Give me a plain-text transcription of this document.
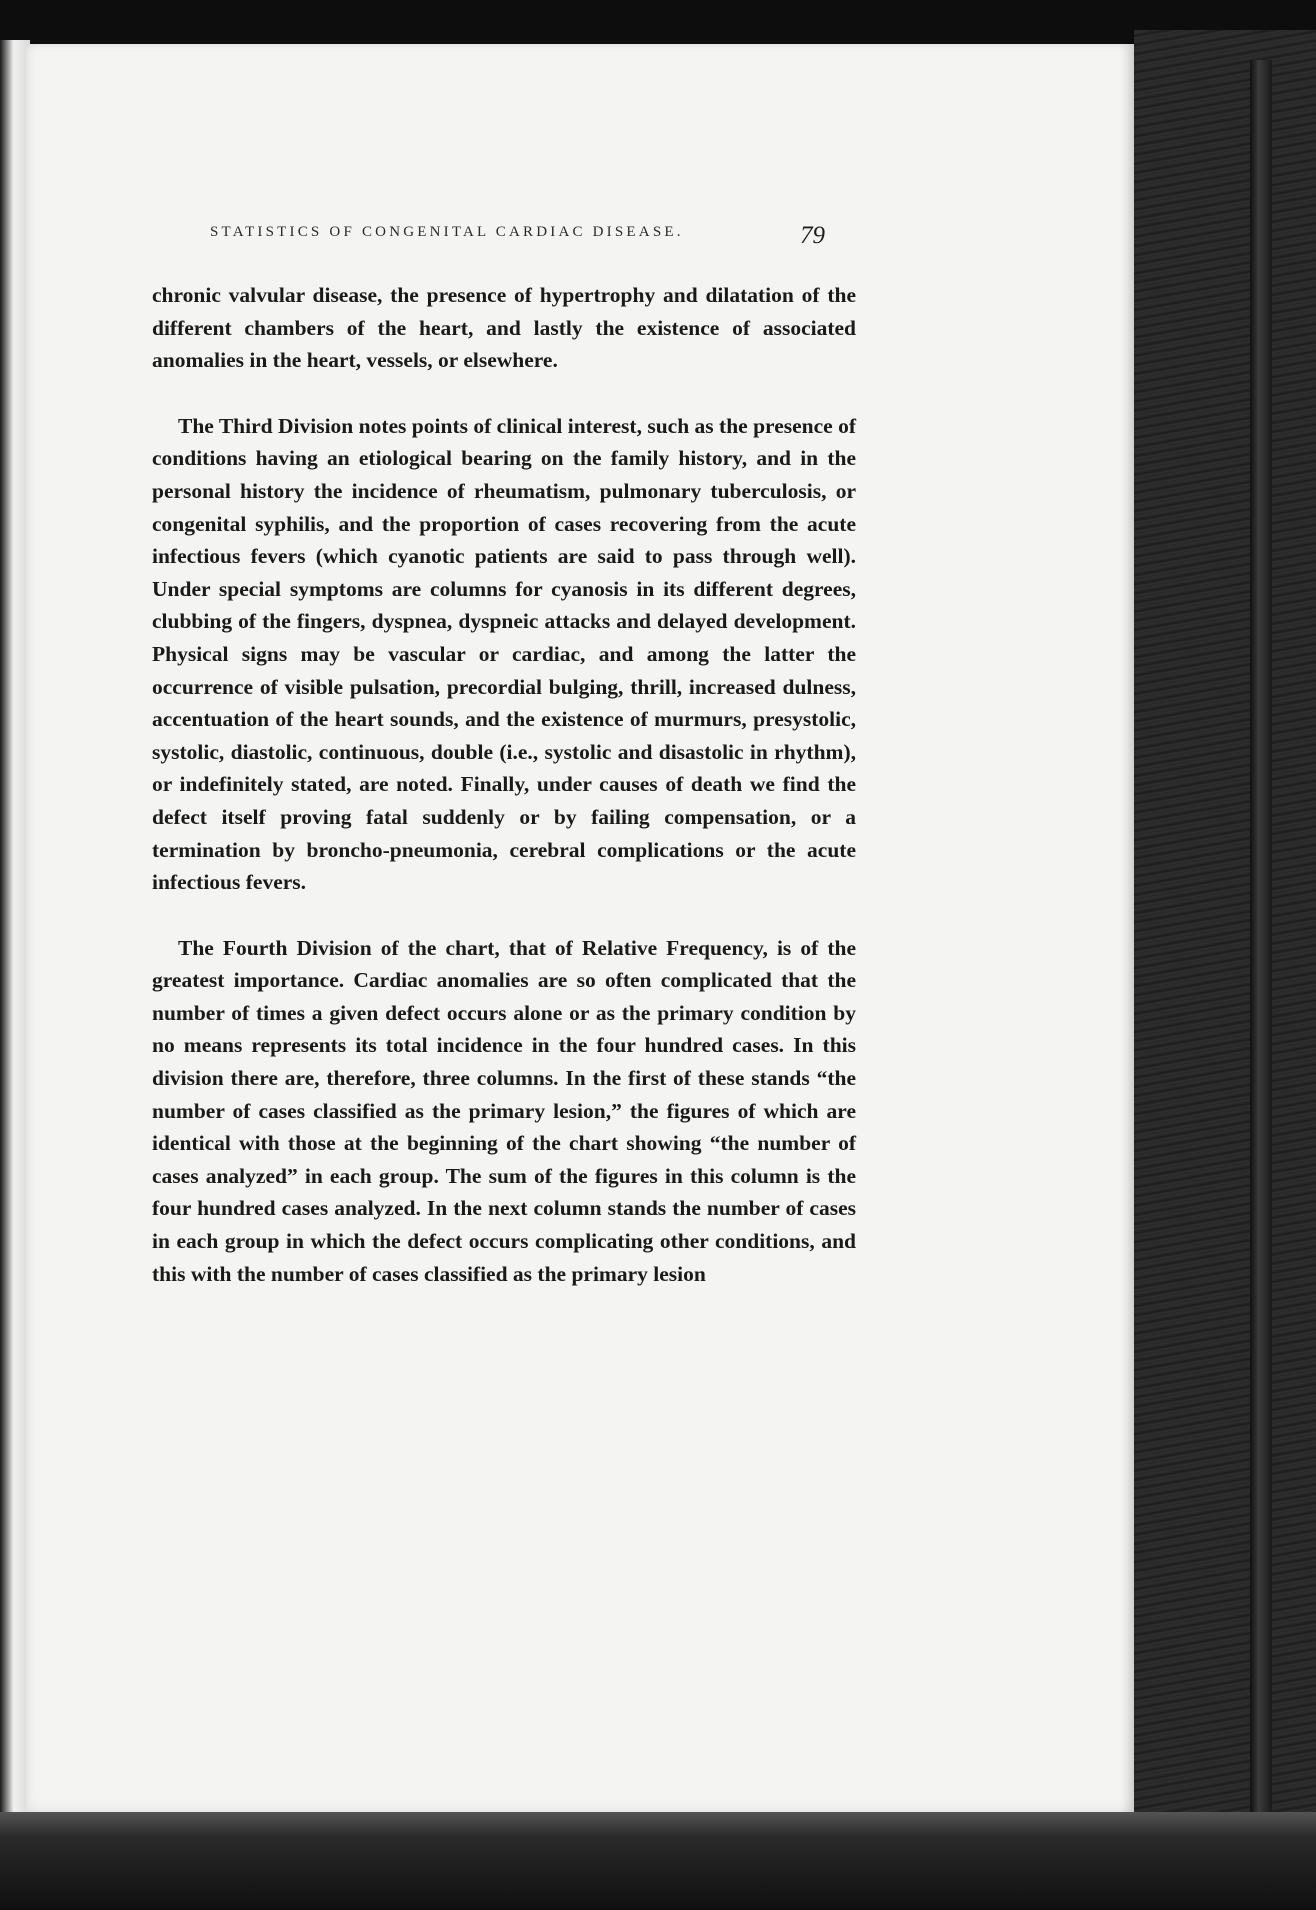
STATISTICS OF CONGENITAL CARDIAC DISEASE.	79

chronic valvular disease, the presence of hypertrophy and dilatation of the different chambers of the heart, and lastly the existence of associated anomalies in the heart, vessels, or elsewhere.

The Third Division notes points of clinical interest, such as the presence of conditions having an etiological bearing on the family history, and in the personal history the incidence of rheumatism, pulmonary tuberculosis, or congenital syphilis, and the proportion of cases recovering from the acute infectious fevers (which cyanotic patients are said to pass through well). Under special symptoms are columns for cyanosis in its different degrees, clubbing of the fingers, dyspnea, dyspneic attacks and delayed development. Physical signs may be vascular or cardiac, and among the latter the occurrence of visible pulsation, precordial bulging, thrill, increased dulness, accentuation of the heart sounds, and the existence of murmurs, presystolic, systolic, diastolic, continuous, double (i.e., systolic and disastolic in rhythm), or indefinitely stated, are noted. Finally, under causes of death we find the defect itself proving fatal suddenly or by failing compensation, or a termination by broncho-pneumonia, cerebral complications or the acute infectious fevers.

The Fourth Division of the chart, that of Relative Frequency, is of the greatest importance. Cardiac anomalies are so often complicated that the number of times a given defect occurs alone or as the primary condition by no means represents its total incidence in the four hundred cases. In this division there are, therefore, three columns. In the first of these stands “the number of cases classified as the primary lesion,” the figures of which are identical with those at the beginning of the chart showing “the number of cases analyzed” in each group. The sum of the figures in this column is the four hundred cases analyzed. In the next column stands the number of cases in each group in which the defect occurs complicating other conditions, and this with the number of cases classified as the primary lesion
